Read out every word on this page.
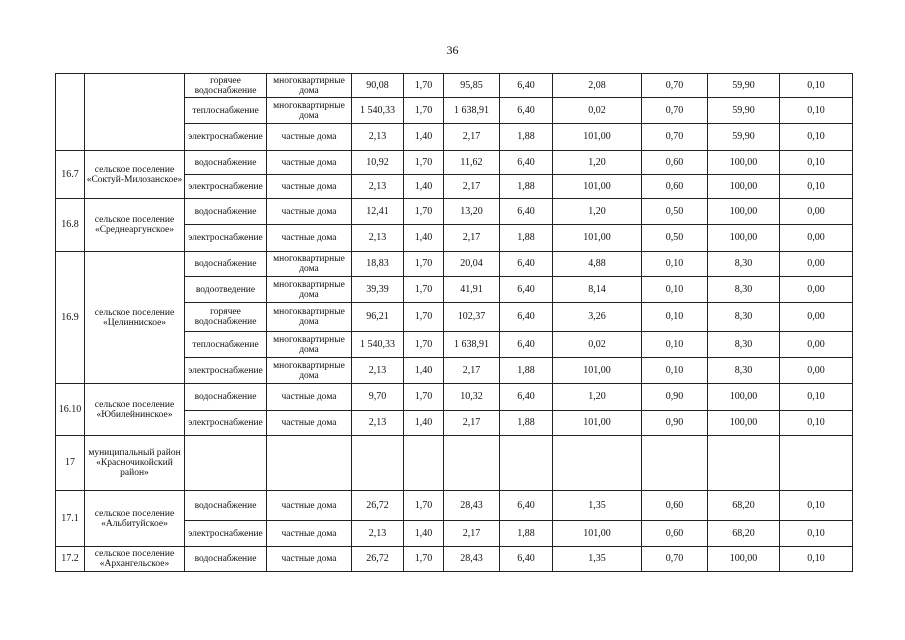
36
		горячее водоснабжение	многоквартирные дома	90,08	1,70	95,85	6,40	2,08	0,70	59,90	0,10
		теплоснабжение	многоквартирные дома	1 540,33	1,70	1 638,91	6,40	0,02	0,70	59,90	0,10
		электроснабжение	частные дома	2,13	1,40	2,17	1,88	101,00	0,70	59,90	0,10
16.7	сельское поселение «Соктуй-Милозанское»	водоснабжение	частные дома	10,92	1,70	11,62	6,40	1,20	0,60	100,00	0,10
		электроснабжение	частные дома	2,13	1,40	2,17	1,88	101,00	0,60	100,00	0,10
16.8	сельское поселение «Среднеаргунское»	водоснабжение	частные дома	12,41	1,70	13,20	6,40	1,20	0,50	100,00	0,00
		электроснабжение	частные дома	2,13	1,40	2,17	1,88	101,00	0,50	100,00	0,00
16.9	сельское поселение «Целинниское»	водоснабжение	многоквартирные дома	18,83	1,70	20,04	6,40	4,88	0,10	8,30	0,00
		водоотведение	многоквартирные дома	39,39	1,70	41,91	6,40	8,14	0,10	8,30	0,00
		горячее водоснабжение	многоквартирные дома	96,21	1,70	102,37	6,40	3,26	0,10	8,30	0,00
		теплоснабжение	многоквартирные дома	1 540,33	1,70	1 638,91	6,40	0,02	0,10	8,30	0,00
		электроснабжение	многоквартирные дома	2,13	1,40	2,17	1,88	101,00	0,10	8,30	0,00
16.10	сельское поселение «Юбилейнинское»	водоснабжение	частные дома	9,70	1,70	10,32	6,40	1,20	0,90	100,00	0,10
		электроснабжение	частные дома	2,13	1,40	2,17	1,88	101,00	0,90	100,00	0,10
17	муниципальный район «Красночикойский район»										
17.1	сельское поселение «Альбитуйское»	водоснабжение	частные дома	26,72	1,70	28,43	6,40	1,35	0,60	68,20	0,10
		электроснабжение	частные дома	2,13	1,40	2,17	1,88	101,00	0,60	68,20	0,10
17.2	сельское поселение «Архангельское»	водоснабжение	частные дома	26,72	1,70	28,43	6,40	1,35	0,70	100,00	0,10
